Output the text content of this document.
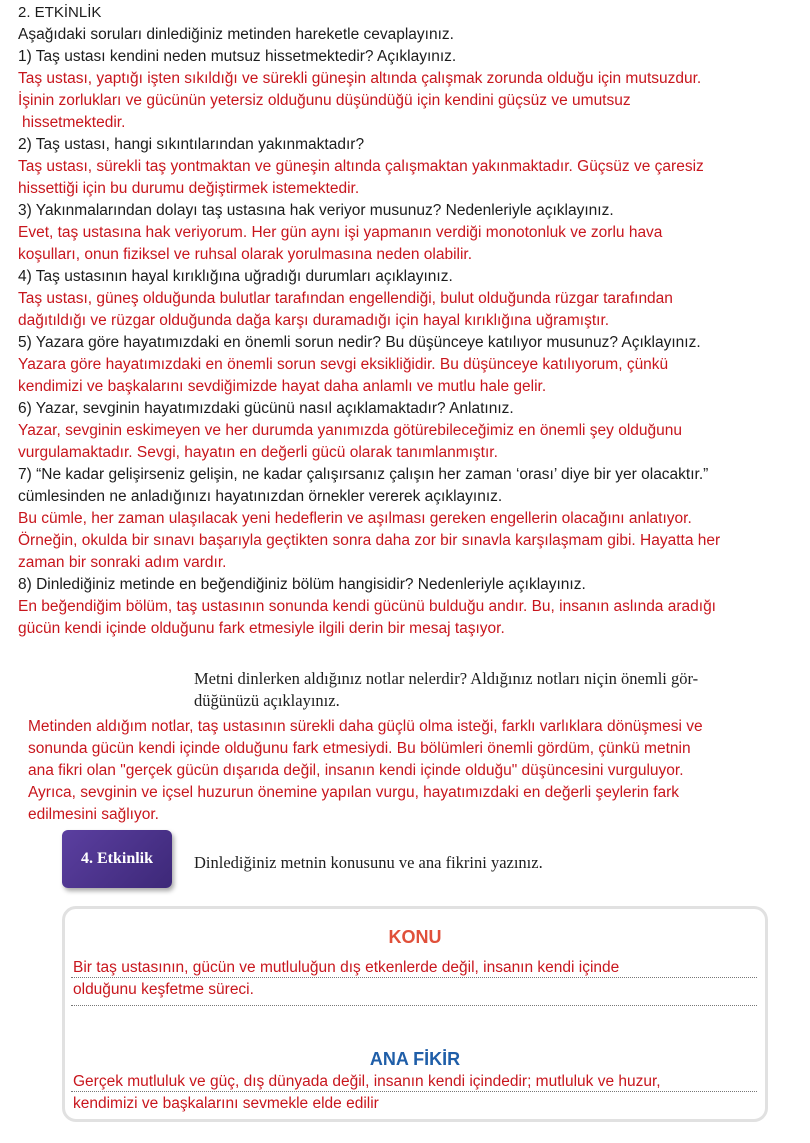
2. ETKİNLİK
Aşağıdaki soruları dinlediğiniz metinden hareketle cevaplayınız.
1) Taş ustası kendini neden mutsuz hissetmektedir? Açıklayınız.
Taş ustası, yaptığı işten sıkıldığı ve sürekli güneşin altında çalışmak zorunda olduğu için mutsuzdur.
İşinin zorlukları ve gücünün yetersiz olduğunu düşündüğü için kendini güçsüz ve umutsuz
hissetmektedir.
2) Taş ustası, hangi sıkıntılarından yakınmaktadır?
Taş ustası, sürekli taş yontmaktan ve güneşin altında çalışmaktan yakınmaktadır. Güçsüz ve çaresiz
hissettiği için bu durumu değiştirmek istemektedir.
3) Yakınmalarından dolayı taş ustasına hak veriyor musunuz? Nedenleriyle açıklayınız.
Evet, taş ustasına hak veriyorum. Her gün aynı işi yapmanın verdiği monotonluk ve zorlu hava
koşulları, onun fiziksel ve ruhsal olarak yorulmasına neden olabilir.
4) Taş ustasının hayal kırıklığına uğradığı durumları açıklayınız.
Taş ustası, güneş olduğunda bulutlar tarafından engellendiği, bulut olduğunda rüzgar tarafından
dağıtıldığı ve rüzgar olduğunda dağa karşı duramadığı için hayal kırıklığına uğramıştır.
5) Yazara göre hayatımızdaki en önemli sorun nedir? Bu düşünceye katılıyor musunuz? Açıklayınız.
Yazara göre hayatımızdaki en önemli sorun sevgi eksikliğidir. Bu düşünceye katılıyorum, çünkü
kendimizi ve başkalarını sevdiğimizde hayat daha anlamlı ve mutlu hale gelir.
6) Yazar, sevginin hayatımızdaki gücünü nasıl açıklamaktadır? Anlatınız.
Yazar, sevginin eskimeyen ve her durumda yanımızda götürebileceğimiz en önemli şey olduğunu
vurgulamaktadır. Sevgi, hayatın en değerli gücü olarak tanımlanmıştır.
7) “Ne kadar gelişirseniz gelişin, ne kadar çalışırsanız çalışın her zaman ‘orası’ diye bir yer olacaktır.”
cümlesinden ne anladığınızı hayatınızdan örnekler vererek açıklayınız.
Bu cümle, her zaman ulaşılacak yeni hedeflerin ve aşılması gereken engellerin olacağını anlatıyor.
Örneğin, okulda bir sınavı başarıyla geçtikten sonra daha zor bir sınavla karşılaşmam gibi. Hayatta her
zaman bir sonraki adım vardır.
8) Dinlediğiniz metinde en beğendiğiniz bölüm hangisidir? Nedenleriyle açıklayınız.
En beğendiğim bölüm, taş ustasının sonunda kendi gücünü bulduğu andır. Bu, insanın aslında aradığı
gücün kendi içinde olduğunu fark etmesiyle ilgili derin bir mesaj taşıyor.
Metni dinlerken aldığınız notlar nelerdir? Aldığınız notları niçin önemli gör-
düğünüzü açıklayınız.
Metinden aldığım notlar, taş ustasının sürekli daha güçlü olma isteği, farklı varlıklara dönüşmesi ve
sonunda gücün kendi içinde olduğunu fark etmesiydi. Bu bölümleri önemli gördüm, çünkü metnin
ana fikri olan "gerçek gücün dışarıda değil, insanın kendi içinde olduğu" düşüncesini vurguluyor.
Ayrıca, sevginin ve içsel huzurun önemine yapılan vurgu, hayatımızdaki en değerli şeylerin fark
edilmesini sağlıyor.
4. Etkinlik	Dinlediğiniz metnin konusunu ve ana fikrini yazınız.
KONU
Bir taş ustasının, gücün ve mutluluğun dış etkenlerde değil, insanın kendi içinde
olduğunu keşfetme süreci.
ANA FİKİR
Gerçek mutluluk ve güç, dış dünyada değil, insanın kendi içindedir; mutluluk ve huzur,
kendimizi ve başkalarını sevmekle elde edilir
